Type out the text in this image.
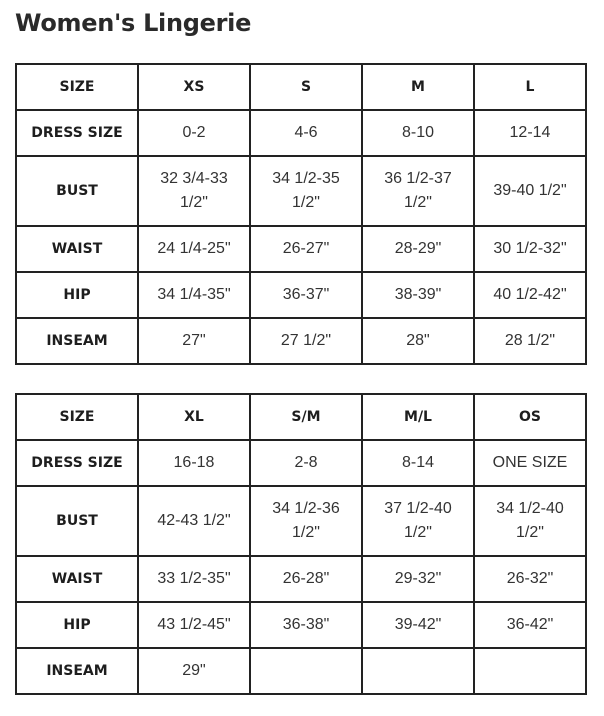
Women's Lingerie
SIZE	XS	S	M	L
DRESS SIZE	0-2	4-6	8-10	12-14
BUST	32 3/4-33 1/2"	34 1/2-35 1/2"	36 1/2-37 1/2"	39-40 1/2"
WAIST	24 1/4-25"	26-27"	28-29"	30 1/2-32"
HIP	34 1/4-35"	36-37"	38-39"	40 1/2-42"
INSEAM	27"	27 1/2"	28"	28 1/2"
SIZE	XL	S/M	M/L	OS
DRESS SIZE	16-18	2-8	8-14	ONE SIZE
BUST	42-43 1/2"	34 1/2-36 1/2"	37 1/2-40 1/2"	34 1/2-40 1/2"
WAIST	33 1/2-35"	26-28"	29-32"	26-32"
HIP	43 1/2-45"	36-38"	39-42"	36-42"
INSEAM	29"			
